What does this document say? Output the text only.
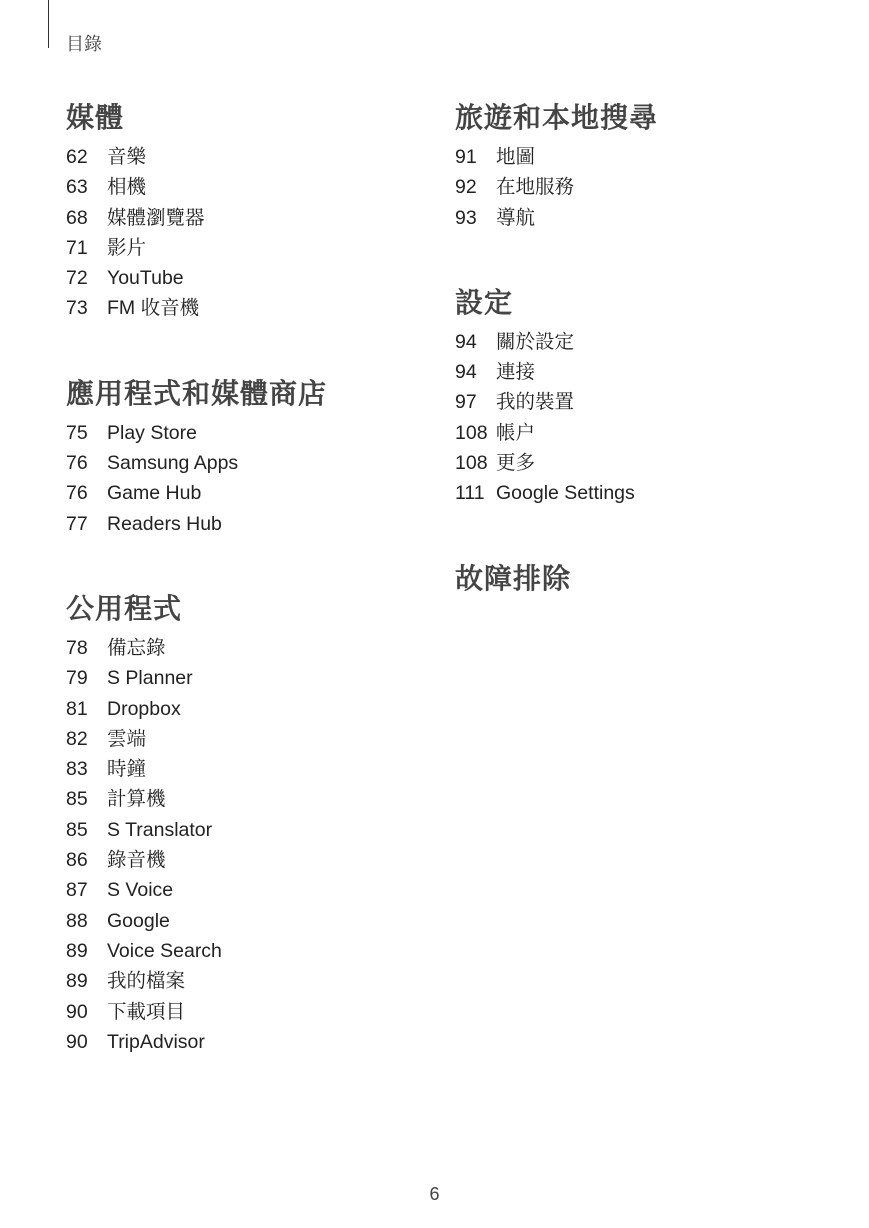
目錄
媒體
62 音樂
63 相機
68 媒體瀏覽器
71 影片
72 YouTube
73 FM 收音機
應用程式和媒體商店
75 Play Store
76 Samsung Apps
76 Game Hub
77 Readers Hub
公用程式
78 備忘錄
79 S Planner
81 Dropbox
82 雲端
83 時鐘
85 計算機
85 S Translator
86 錄音機
87 S Voice
88 Google
89 Voice Search
89 我的檔案
90 下載項目
90 TripAdvisor
旅遊和本地搜尋
91 地圖
92 在地服務
93 導航
設定
94 關於設定
94 連接
97 我的裝置
108 帳户
108 更多
111 Google Settings
故障排除
6
